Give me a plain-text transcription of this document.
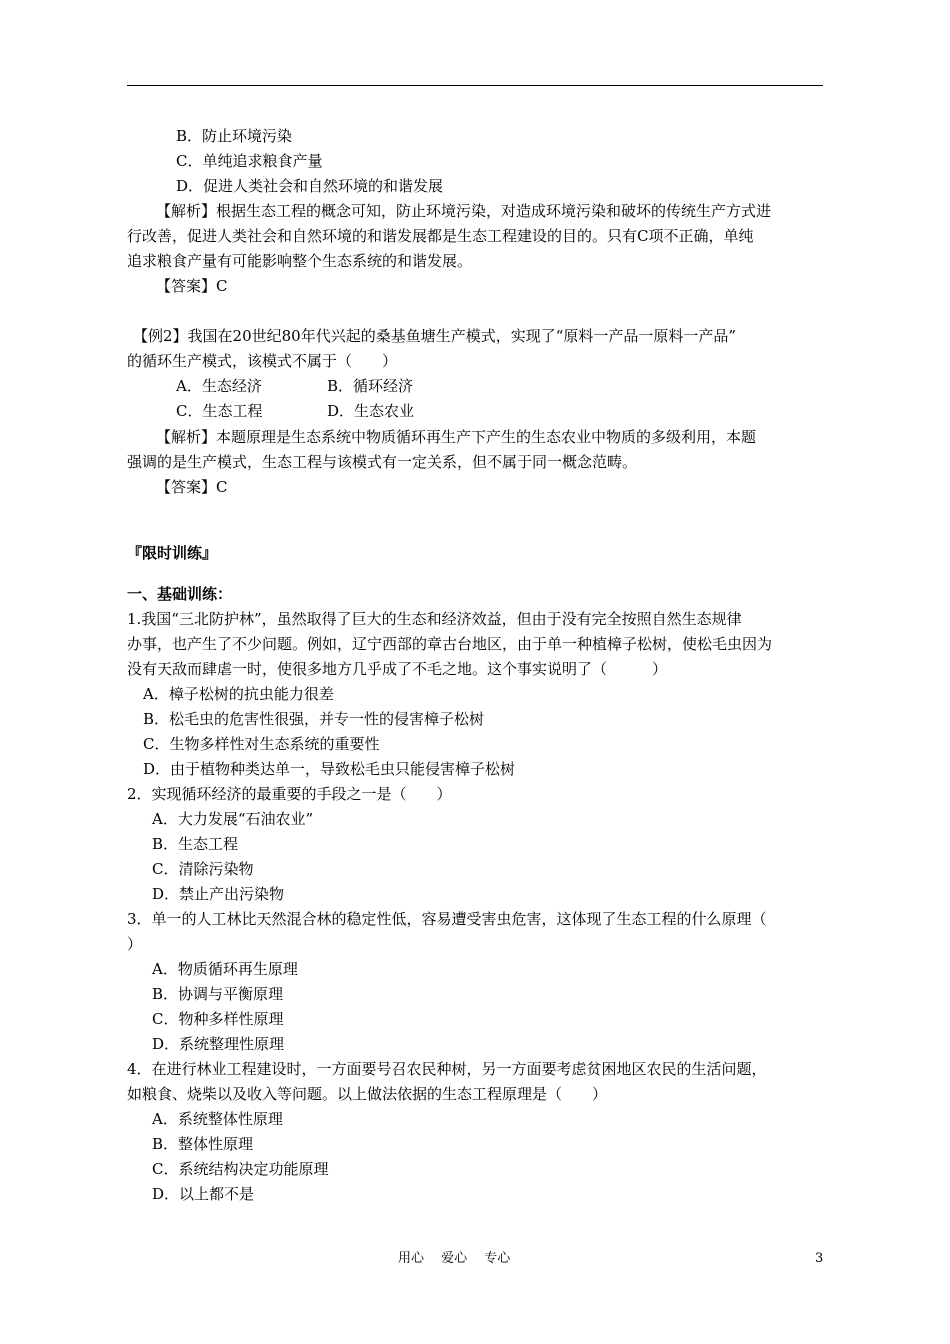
B．防止环境污染
C．单纯追求粮食产量
D．促进人类社会和自然环境的和谐发展
【解析】根据生态工程的概念可知，防止环境污染，对造成环境污染和破坏的传统生产方式进
行改善，促进人类社会和自然环境的和谐发展都是生态工程建设的目的。只有C项不正确，单纯
追求粮食产量有可能影响整个生态系统的和谐发展。
【答案】C
【例2】我国在20世纪80年代兴起的桑基鱼塘生产模式，实现了“原料一产品一原料一产品”
的循环生产模式，该模式不属于（　　）
A．生态经济	B．循环经济
C．生态工程	D．生态农业
【解析】本题原理是生态系统中物质循环再生产下产生的生态农业中物质的多级利用，本题
强调的是生产模式，生态工程与该模式有一定关系，但不属于同一概念范畴。
【答案】C
『限时训练』
一、基础训练：
1.我国“三北防护林”，虽然取得了巨大的生态和经济效益，但由于没有完全按照自然生态规律
办事，也产生了不少问题。例如，辽宁西部的章古台地区，由于单一种植樟子松树，使松毛虫因为
没有天敌而肆虐一时，使很多地方几乎成了不毛之地。这个事实说明了（　　　）
A．樟子松树的抗虫能力很差
B．松毛虫的危害性很强，并专一性的侵害樟子松树
C．生物多样性对生态系统的重要性
D．由于植物种类达单一，导致松毛虫只能侵害樟子松树
2．实现循环经济的最重要的手段之一是（　　）
A．大力发展“石油农业”
B．生态工程
C．清除污染物
D．禁止产出污染物
3．单一的人工林比天然混合林的稳定性低，容易遭受害虫危害，这体现了生态工程的什么原理（
）
A．物质循环再生原理
B．协调与平衡原理
C．物种多样性原理
D．系统整理性原理
4．在进行林业工程建设时，一方面要号召农民种树，另一方面要考虑贫困地区农民的生活问题，
如粮食、烧柴以及收入等问题。以上做法依据的生态工程原理是（　　）
A．系统整体性原理
B．整体性原理
C．系统结构决定功能原理
D．以上都不是
用心　 爱心　 专心	3
